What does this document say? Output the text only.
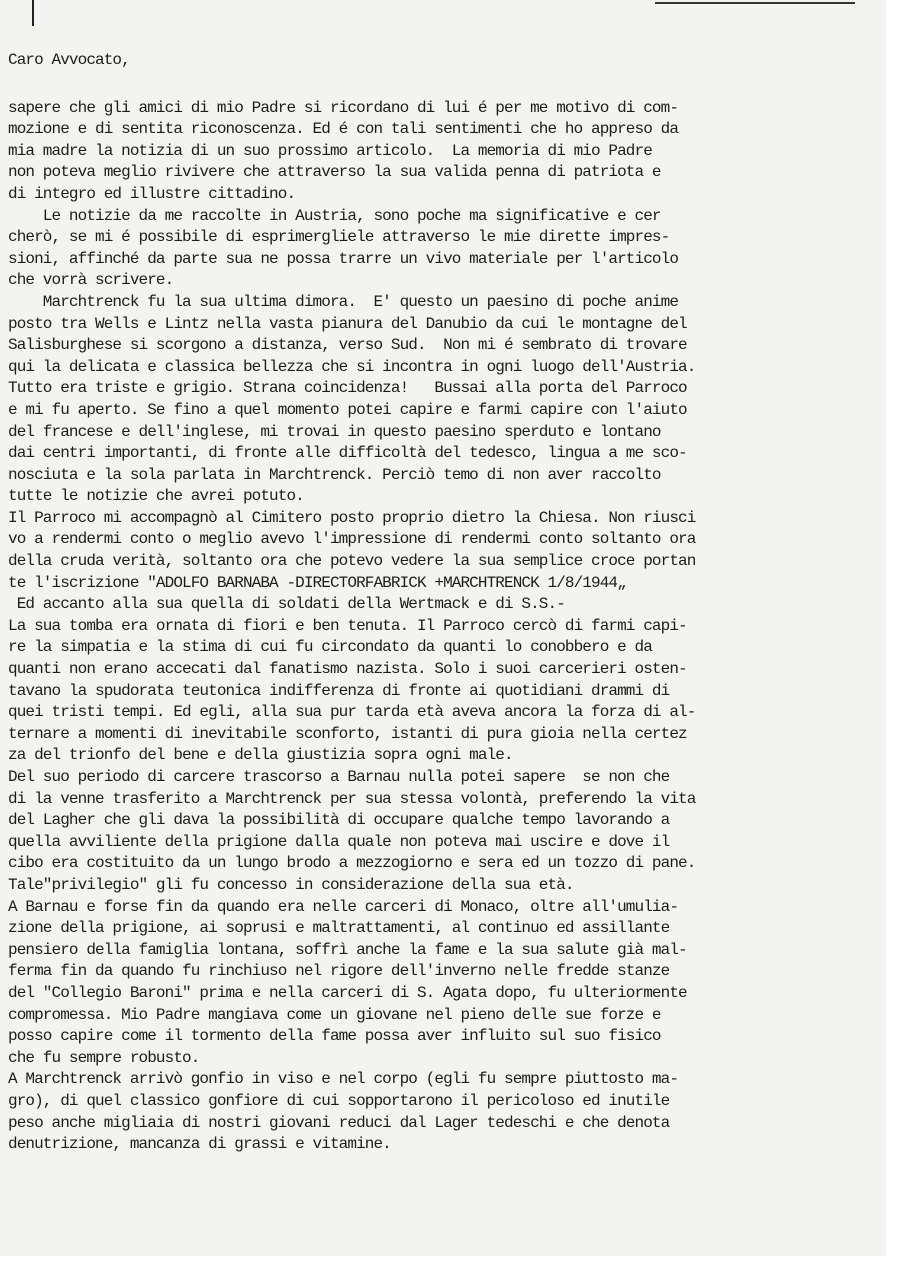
Caro Avvocato,
sapere che gli amici di mio Padre si ricordano di lui é per me motivo di com-
mozione e di sentita riconoscenza. Ed é con tali sentimenti che ho appreso da
mia madre la notizia di un suo prossimo articolo.  La memoria di mio Padre
non poteva meglio rivivere che attraverso la sua valida penna di patriota e
di integro ed illustre cittadino.
Le notizie da me raccolte in Austria, sono poche ma significative e cer
cherò, se mi é possibile di esprimergliele attraverso le mie dirette impres-
sioni, affinché da parte sua ne possa trarre un vivo materiale per l'articolo
che vorrà scrivere.
Marchtrenck fu la sua ultima dimora.  E' questo un paesino di poche anime
posto tra Wells e Lintz nella vasta pianura del Danubio da cui le montagne del
Salisburghese si scorgono a distanza, verso Sud.  Non mi é sembrato di trovare
qui la delicata e classica bellezza che si incontra in ogni luogo dell'Austria.
Tutto era triste e grigio. Strana coincidenza!   Bussai alla porta del Parroco
e mi fu aperto. Se fino a quel momento potei capire e farmi capire con l'aiuto
del francese e dell'inglese, mi trovai in questo paesino sperduto e lontano
dai centri importanti, di fronte alle difficoltà del tedesco, lingua a me sco-
nosciuta e la sola parlata in Marchtrenck. Perciò temo di non aver raccolto
tutte le notizie che avrei potuto.
Il Parroco mi accompagnò al Cimitero posto proprio dietro la Chiesa. Non riusci
vo a rendermi conto o meglio avevo l'impressione di rendermi conto soltanto ora
della cruda verità, soltanto ora che potevo vedere la sua semplice croce portan
te l'iscrizione "ADOLFO BARNABA -DIRECTORFABRICK +MARCHTRENCK 1/8/1944„
Ed accanto alla sua quella di soldati della Wertmack e di S.S.-
La sua tomba era ornata di fiori e ben tenuta. Il Parroco cercò di farmi capi-
re la simpatia e la stima di cui fu circondato da quanti lo conobbero e da
quanti non erano accecati dal fanatismo nazista. Solo i suoi carcerieri osten-
tavano la spudorata teutonica indifferenza di fronte ai quotidiani drammi di
quei tristi tempi. Ed egli, alla sua pur tarda età aveva ancora la forza di al-
ternare a momenti di inevitabile sconforto, istanti di pura gioia nella certez
za del trionfo del bene e della giustizia sopra ogni male.
Del suo periodo di carcere trascorso a Barnau nulla potei sapere  se non che
di la venne trasferito a Marchtrenck per sua stessa volontà, preferendo la vita
del Lagher che gli dava la possibilità di occupare qualche tempo lavorando a
quella avviliente della prigione dalla quale non poteva mai uscire e dove il
cibo era costituito da un lungo brodo a mezzogiorno e sera ed un tozzo di pane.
Tale"privilegio" gli fu concesso in considerazione della sua età.
A Barnau e forse fin da quando era nelle carceri di Monaco, oltre all'umulia-
zione della prigione, ai soprusi e maltrattamenti, al continuo ed assillante
pensiero della famiglia lontana, soffrì anche la fame e la sua salute già mal-
ferma fin da quando fu rinchiuso nel rigore dell'inverno nelle fredde stanze
del "Collegio Baroni" prima e nella carceri di S. Agata dopo, fu ulteriormente
compromessa. Mio Padre mangiava come un giovane nel pieno delle sue forze e
posso capire come il tormento della fame possa aver influito sul suo fisico
che fu sempre robusto.
A Marchtrenck arrivò gonfio in viso e nel corpo (egli fu sempre piuttosto ma-
gro), di quel classico gonfiore di cui sopportarono il pericoloso ed inutile
peso anche migliaia di nostri giovani reduci dal Lager tedeschi e che denota
denutrizione, mancanza di grassi e vitamine.
